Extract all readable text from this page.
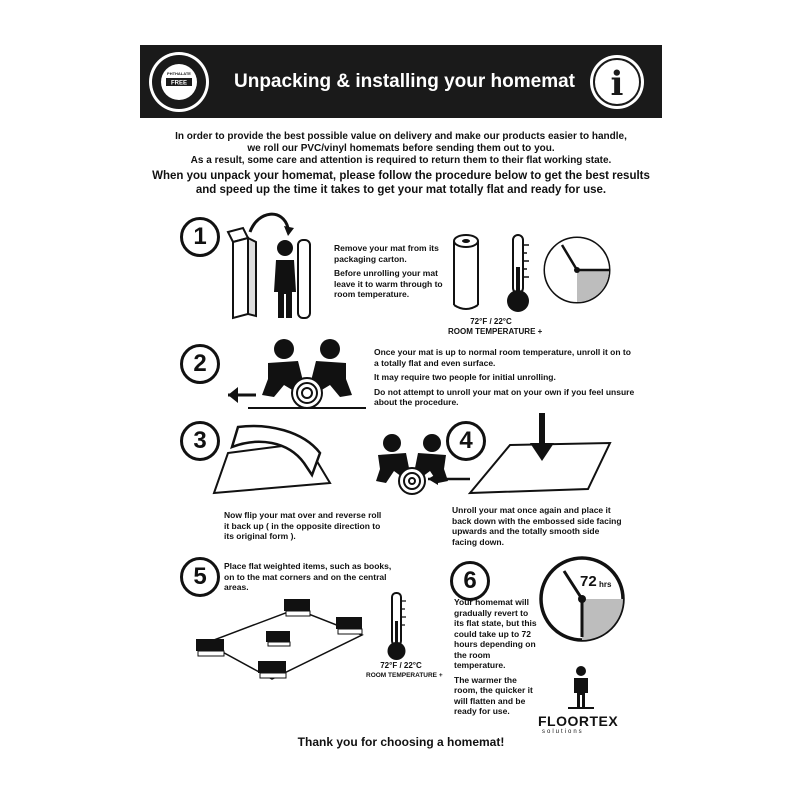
FREE
PHTHALATE Unpacking & installing your homemat i
In order to provide the best possible value on delivery and make our products easier to handle,
we roll our PVC/vinyl homemats before sending them out to you.
As a result, some care and attention is required to return them to their flat working state.
When you unpack your homemat, please follow the procedure below to get the best results
and speed up the time it takes to get your mat totally flat and ready for use.
1	Remove your mat from its packaging carton.

Before unrolling your mat leave it to warm through to room temperature.

72°F / 22°C
ROOM TEMPERATURE +
2	Once your mat is up to normal room temperature, unroll it on to a totally flat and even surface.

It may require two people for initial unrolling.

Do not attempt to unroll your mat on your own if you feel unsure about the procedure.

3	4
Now flip your mat over and reverse roll it back up ( in the opposite direction to its original form ).
Unroll your mat once again and place it back down with the embossed side facing upwards and the totally smooth side facing down.
5	Place flat weighted items, such as books, on to the mat corners and on the central areas.
72°F / 22°C
ROOM TEMPERATURE +
6	72 hrs

Your homemat will gradually revert to its flat state, but this could take up to 72 hours depending on the room temperature.

The warmer the room, the quicker it will flatten and be ready for use.

FLOORTEX
solutions
Thank you for choosing a homemat!
